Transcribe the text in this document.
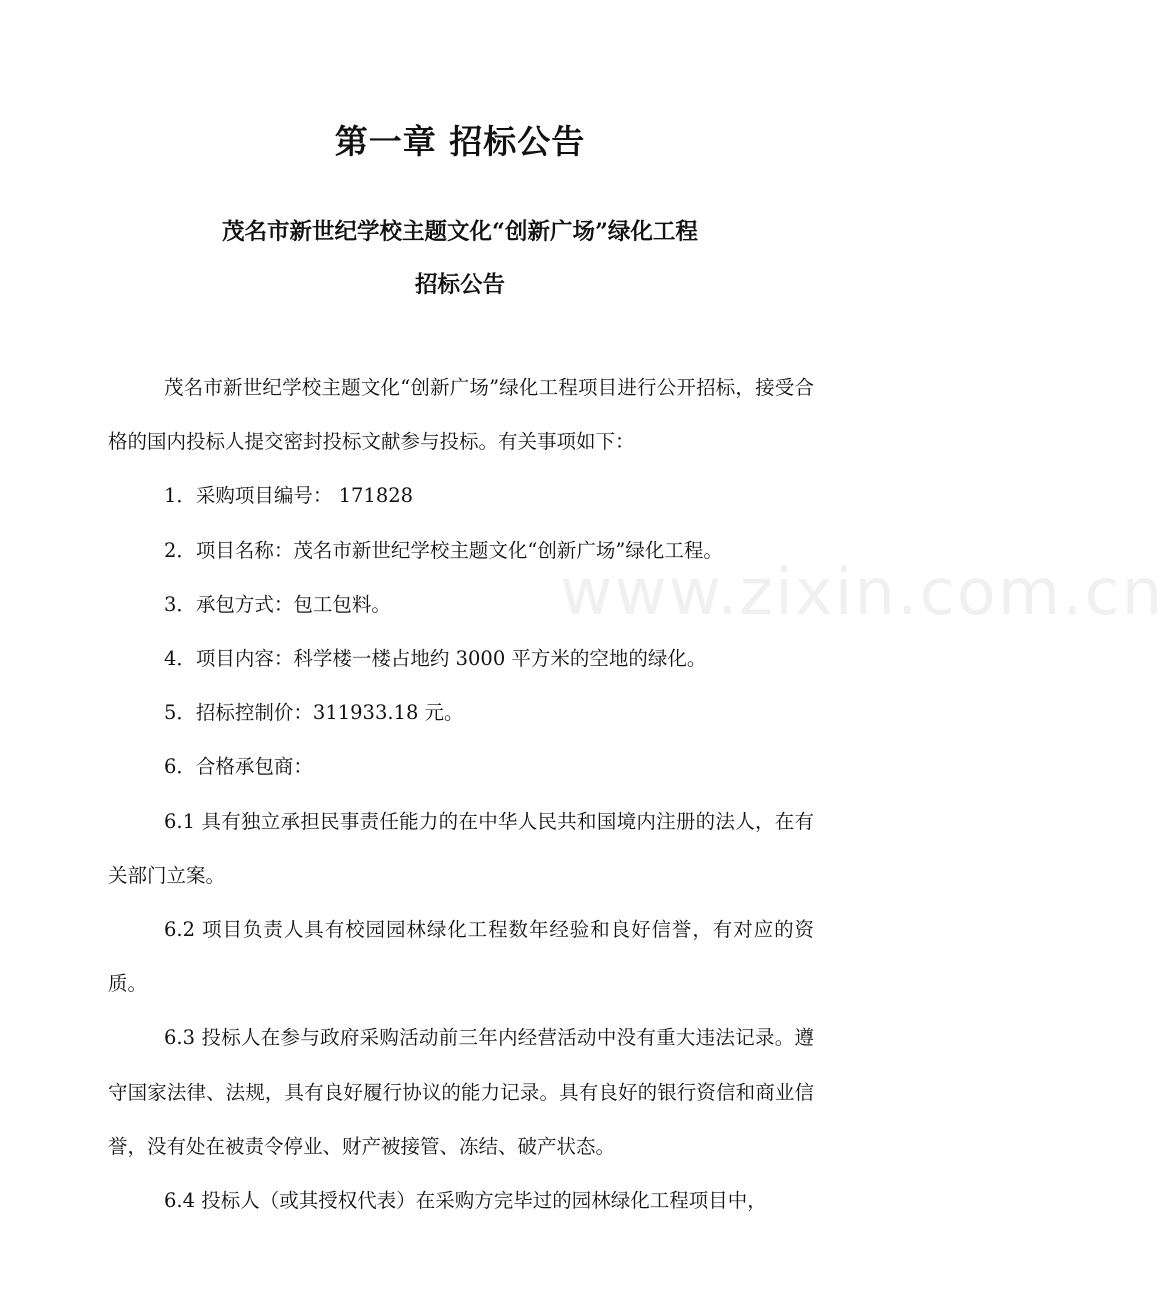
第一章 招标公告
茂名市新世纪学校主题文化“创新广场”绿化工程
招标公告

茂名市新世纪学校主题文化“创新广场”绿化工程项目进行公开招标，接受合格的国内投标人提交密封投标文献参与投标。有关事项如下：

1．采购项目编号： 171828

2．项目名称：茂名市新世纪学校主题文化“创新广场”绿化工程。

3．承包方式：包工包料。

4．项目内容：科学楼一楼占地约 3000 平方米的空地的绿化。

5．招标控制价：311933.18 元。

6．合格承包商：

6.1 具有独立承担民事责任能力的在中华人民共和国境内注册的法人，在有关部门立案。

6.2 项目负责人具有校园园林绿化工程数年经验和良好信誉，有对应的资质。

6.3 投标人在参与政府采购活动前三年内经营活动中没有重大违法记录。遵守国家法律、法规，具有良好履行协议的能力记录。具有良好的银行资信和商业信誉，没有处在被责令停业、财产被接管、冻结、破产状态。

6.4 投标人（或其授权代表）在采购方完毕过的园林绿化工程项目中，

www.zixin.com.cn
